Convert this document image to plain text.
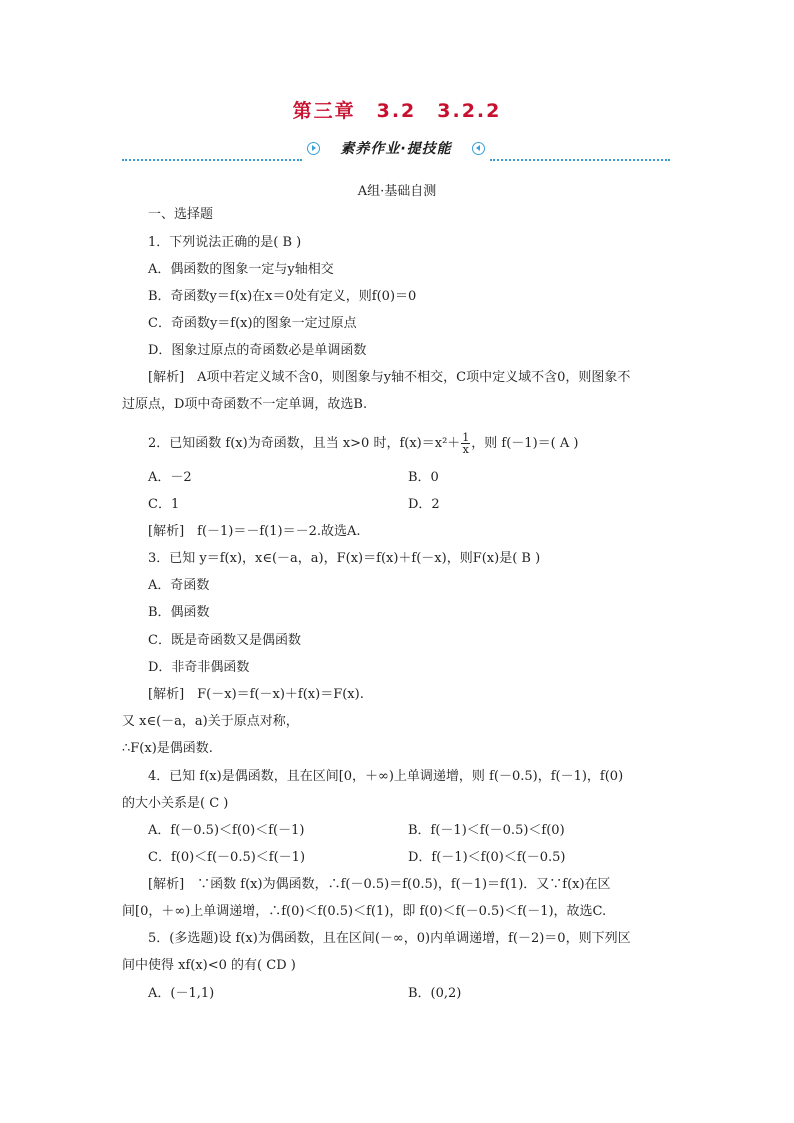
第三章　3.2　3.2.2
素养作业·提技能
A组·基础自测
一、选择题
1．下列说法正确的是( B )
A．偶函数的图象一定与y轴相交
B．奇函数y＝f(x)在x＝0处有定义，则f(0)＝0
C．奇函数y＝f(x)的图象一定过原点
D．图象过原点的奇函数必是单调函数
[解析]　A项中若定义域不含0，则图象与y轴不相交，C项中定义域不含0，则图象不
过原点，D项中奇函数不一定单调，故选B.
2．已知函数 f(x)为奇函数，且当 x>0 时，$f(x)=x^2+ \frac{1}{x}$ ，则 f(－1)＝( A )
A．－2	B．0
C．1	D．2
[解析]　f(－1)＝－f(1)＝－2.故选A.
3．已知 y＝f(x)，x∈(－a，a)，F(x)＝f(x)＋f(－x)，则F(x)是( B )
A．奇函数
B．偶函数
C．既是奇函数又是偶函数
D．非奇非偶函数
[解析]　F(－x)＝f(－x)＋f(x)＝F(x).
又 x∈(－a，a)关于原点对称，
∴F(x)是偶函数.
4．已知 f(x)是偶函数，且在区间[0，＋∞)上单调递增，则 f(－0.5)，f(－1)，f(0)
的大小关系是( C )
A．f(－0.5)＜f(0)＜f(－1)	B．f(－1)＜f(－0.5)＜f(0)
C．f(0)＜f(－0.5)＜f(－1)	D．f(－1)＜f(0)＜f(－0.5)
[解析]　∵函数 f(x)为偶函数，∴f(－0.5)＝f(0.5)，f(－1)＝f(1)．又∵f(x)在区
间[0，＋∞)上单调递增，∴f(0)＜f(0.5)＜f(1)，即 f(0)＜f(－0.5)＜f(－1)，故选C.
5．(多选题)设 f(x)为偶函数，且在区间(－∞，0)内单调递增，f(－2)＝0，则下列区
间中使得 xf(x)<0 的有( CD )
A．(－1,1)	B．(0,2)
